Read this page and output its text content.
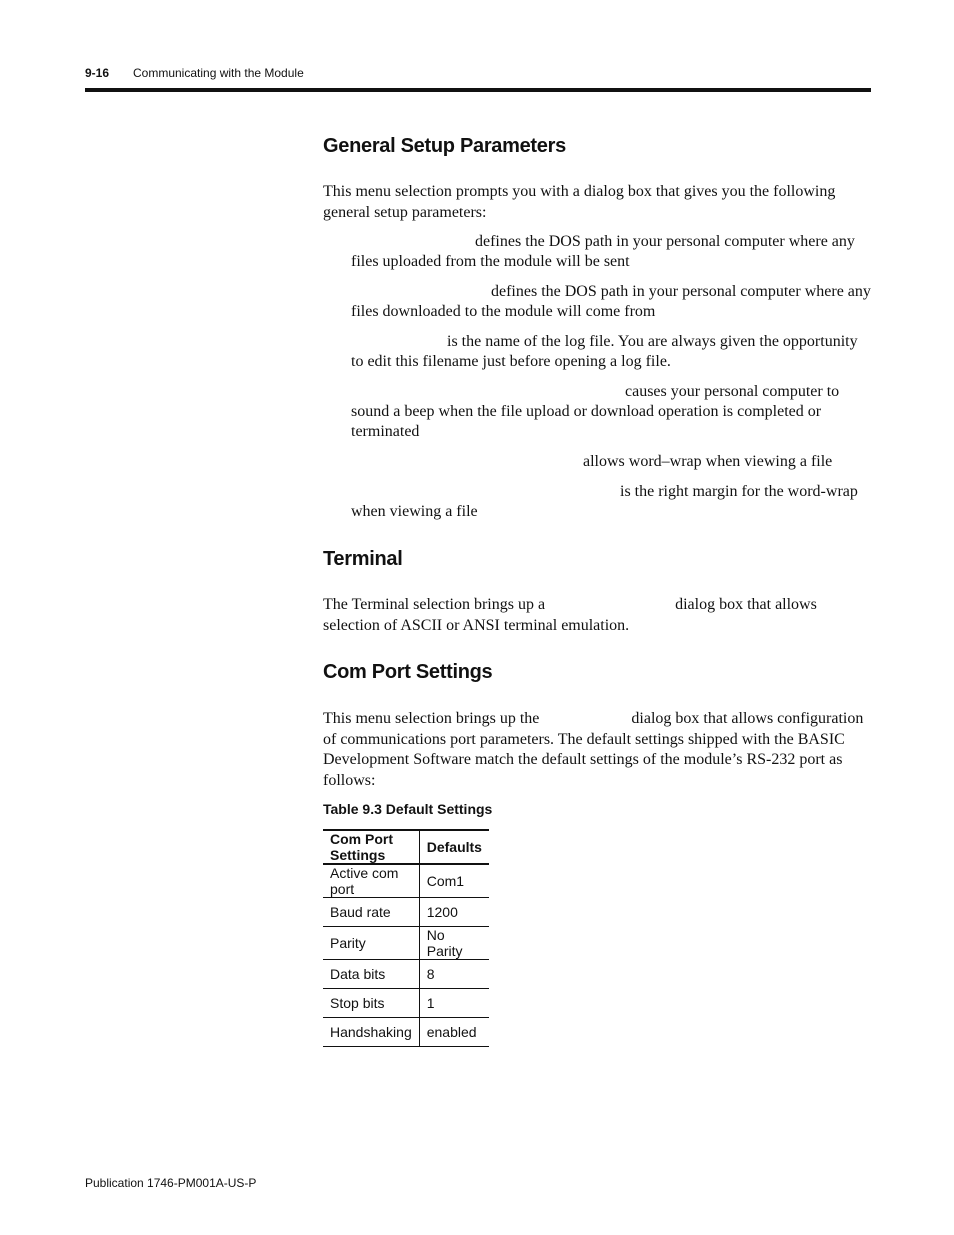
9-16 Communicating with the Module
General Setup Parameters
This menu selection prompts you with a dialog box that gives you the following general setup parameters:
defines the DOS path in your personal computer where any files uploaded from the module will be sent
defines the DOS path in your personal computer where any files downloaded to the module will come from
is the name of the log file. You are always given the opportunity to edit this filename just before opening a log file.
causes your personal computer to sound a beep when the file upload or download operation is completed or terminated
allows word–wrap when viewing a file
is the right margin for the word-wrap when viewing a file
Terminal
The Terminal selection brings up a	dialog box that allows selection of ASCII or ANSI terminal emulation.
Com Port Settings
This menu selection brings up the	dialog box that allows configuration of communications port parameters. The default settings shipped with the BASIC Development Software match the default settings of the module’s RS-232 port as follows:
Table 9.3 Default Settings
Com Port Settings	Defaults
Active com port	Com1
Baud rate	1200
Parity	No Parity
Data bits	8
Stop bits	1
Handshaking	enabled
Publication 1746-PM001A-US-P
